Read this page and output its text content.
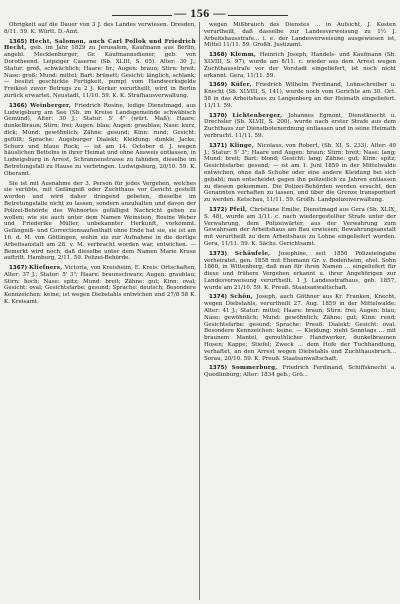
— 156 —

Obrigkeit auf die Dauer von 3 J. des Landes verwiesen. Dresden, 8/11. 59. K. Württ. D.-Amt.

1365) Hecht, Salomon, auch Carl Pollok und Friedrich Hecht, geb. im Jahr 1829 zu Jerusalem, Kaufmann aus Berlin, angebl. Mecklenburger, Gr. Kaufmannsdiener, geb. von Dorotheend. Leipziger Caserne (Sb. XLIII, S. 65). Alter: 30 J.; Statur: groß, schwächlich; Haare: br.; Augen: braun; Stirn: breit; Nase: groß; Mund: mittel; Bart: brünett; Gesicht: länglich, schlank; — besitzt geschickte Fertigkeit, pumpt vom Handwerksgelde Freikost zuvor Betrugs zu 2 J. Kerker verurtheilt, wird in Berlin zurück erwartet. Neustadt, 11/10. 59. K. K. Strafhausverwaltung.

1366) Weinberger, Friedrich Rosine, ledige Dienstmagd, aus Ludwigsburg am See (Sb. im Kreise Landsgemeinde schwäbisch Gemünd), Alter: 30 J.; Statur: 5' 4" (würt. Maß); Haare: dunkelbraun; Stirn: frei; Augen: blau; Augen: graublau; Nase: kurz, dick; Mund: gewöhnlich; Zähne: gesund; Kinn: rund; Gesicht: gefüllt; Sprache: Augsburger Dialekt; Kleidung: dunkle Jacke, Schurz und blaue Rock; — ist am 14. October d. J. wegen häuslichen Bettelns in ihrer Heimat und ohne Ausweis entlassen, in Ludwigsburg in Arrest, Schrannenstrasse zu fahnden, dieselbe im Betretungsfall zu Hause zu verbringen. Ludwigsburg, 20/10. 59. K. Oberamt.

Sie ist mit Ausnahme der 3. Person für jedes Vergehen, welches sie verübte, mit Gefängniß oder Zuchthaus vor Gericht gestellt worden und wird daher dringend gebeten, dieselbe im Betretungsfalle nicht zu lassen, sondern anzuhalten und davon der Polizei-Behörde des Wohnortes gefälligst Nachricht geben zu wollen; wie sie auch unter dem Namen Weinstein, Rosine Weber und Friederike Müller, unbekannter Herkunft, vorkommt. Gefängniß- und Correctionsaufenthalt ohne Ende hat sie, sie ist am 16. d. M. von Göttingen, wohin sie zur Aufnahme in die dortige Arbeitsanstalt am 28. v. M. verbracht worden war, entwichen. — Bemerkt wird noch, daß dieselbe unter dem Namen Marie Kruse auftritt. Hamburg, 2/11. 59. Polizei-Behörde.

1367) Kliefners, Victoria, von Kreisheim, E. Kreis: Ortschaften, Alter: 37 J.; Statur: 5' 3"; Haare: braunschwarz; Augen: graublau; Stirn: hoch; Nase: spitz; Mund: breit; Zähne: gut; Kinn: oval; Gesicht: oval; Gesichtsfarbe: gesund; Sprache: deutsch; Besondere Kennzeichen: keine; ist wegen Diebstahls entwichen und 27/8 58 K. K. Kreisamt.

wegen Mißbrauch des Dienstes ... in Aufsicht, J. Kosten verurtheilt, daß dasselbe zur Landesverweisung zu 1½ J. Arbeitshausstrafe... i. e. der Landesverweisung ausgewiesen ist, Mittel 11/11. 59. Großh. Justizamt.

1368) Klemm, Heinrich Joseph, Handels- und Kaufmann (Sb. XLVIII, S. 97), wurde am 8/11. c. wieder aus dem Arrest wegen Zuchthausstrafe vor der Vorstadt eingeliefert, ist noch nicht erkannt. Gera, 11/11. 59.

1369) Küfer, Friedrich Wilhelm Ferdinand, Lohnschreiber u. Knecht (Sb. XLVIII, S. 141), wurde noch vom Gerichte am 30. Oct. 58 in das Arbeitshaus zu Langenberg an der Heimath eingeliefert. 11/11. 59.

1370) Lichtenberger, Johannes Egmont, Dienstknecht u. Drechsler (Sb. XLVII, S. 200), wurde nach erster Strafe aus dem Zuchthaus zur Dienstbotenordnung entlassen und in seine Heimath verbracht. 11/11. 59.

1371) Klinge, Nicolaus, von Robert, (Sb. XI, S. 233). Alter: 40 J.; Statur: 5' 3"; Haare und Augen: braun; Stirn: breit; Nase: lang; Mund: breit; Bart: blond; Gesicht: lang; Zähne: gut; Kinn: spitz; Gesichtsfarbe: gesund; — ist am 1. Juni 1859 in der Mittelwalde entwichen, ohne daß Schuhe oder eine andere Kleidung bei sich gehabt; man entscheidet gegen ihn polizeilich zu Jahren entlassen zu diesem gekommen. Die Polizei-Behörden werden ersucht, den Genannten verhaften zu lassen, und über die Grenze transportiert zu werden. Ketschau, 11/11. 59. Großh. Landpolizeiverwaltung.

1372) Pfeil, Christiane Emilie, Dienstmagd aus Gera (Sb. XLIX, S. 48), wurde am 3/11. c. nach wiedergestellter Strafe unter der Verwahrung, dem Polizeiwärter, aus der Verwahrung zum Gewahrsam der Arbeitshaus am Bau erwiesen; Bewahrungsanstalt mit verurtheilt zu dem Arbeitshaus zu Lohne eingeliefert worden. Gera, 11/11. 59. K. Sächs. Gerichtsamt.

1373) Schäufele, Josephine, seit 1856 Polizeieingabe verheiratet, gen. 1858 mit Ehemann Gr. v. Bodenheim, ehel. Sohn 1860, in Wittenberg, daß man für ihren Namen ... eingeliefert für diese und frühere Vergehen erkannt u. ihrer Angehörigen zur Landesverweisung verurtheilt. 1 J. Landesstrafhaus, geb. 1857, wurde am 21/10. 59. K. Preuß. Staatsanwaltschaft.

1374) Schön, Joseph, auch Göthner aus Kr. Franken, Knecht, wegen Diebstahls, verurtheilt 27. Aug. 1859 in der Mittelwalde; Alter: 41 J.; Statur: mittel; Haare: braun; Stirn: frei; Augen: blau; Nase: gewöhnlich; Mund: gewöhnlich; Zähne: gut; Kinn: rund; Gesichtsfarbe: gesund; Sprache: Preuß. Dialekt; Gesicht: oval. Besondere Kennzeichen: keine. — Kleidung: zieht Sonntags ... mit braunem Mantel, gemuthlicher Handwerker, dunkelbraunen Hosen; Kappe; Stiefel; Zweck ... dem Hofe der Tuchhandlung, verhaftet, an den Arrest wegen Diebstahls und Zuchthausbruch... Sorau, 20/10. 59. K. Preuß. Staatsanwaltschaft.

1375) Sommerburg, Friedrich Ferdinand, Schiffsknecht a. Quedlinburg; Alter: 1834 geb.; Grö...
